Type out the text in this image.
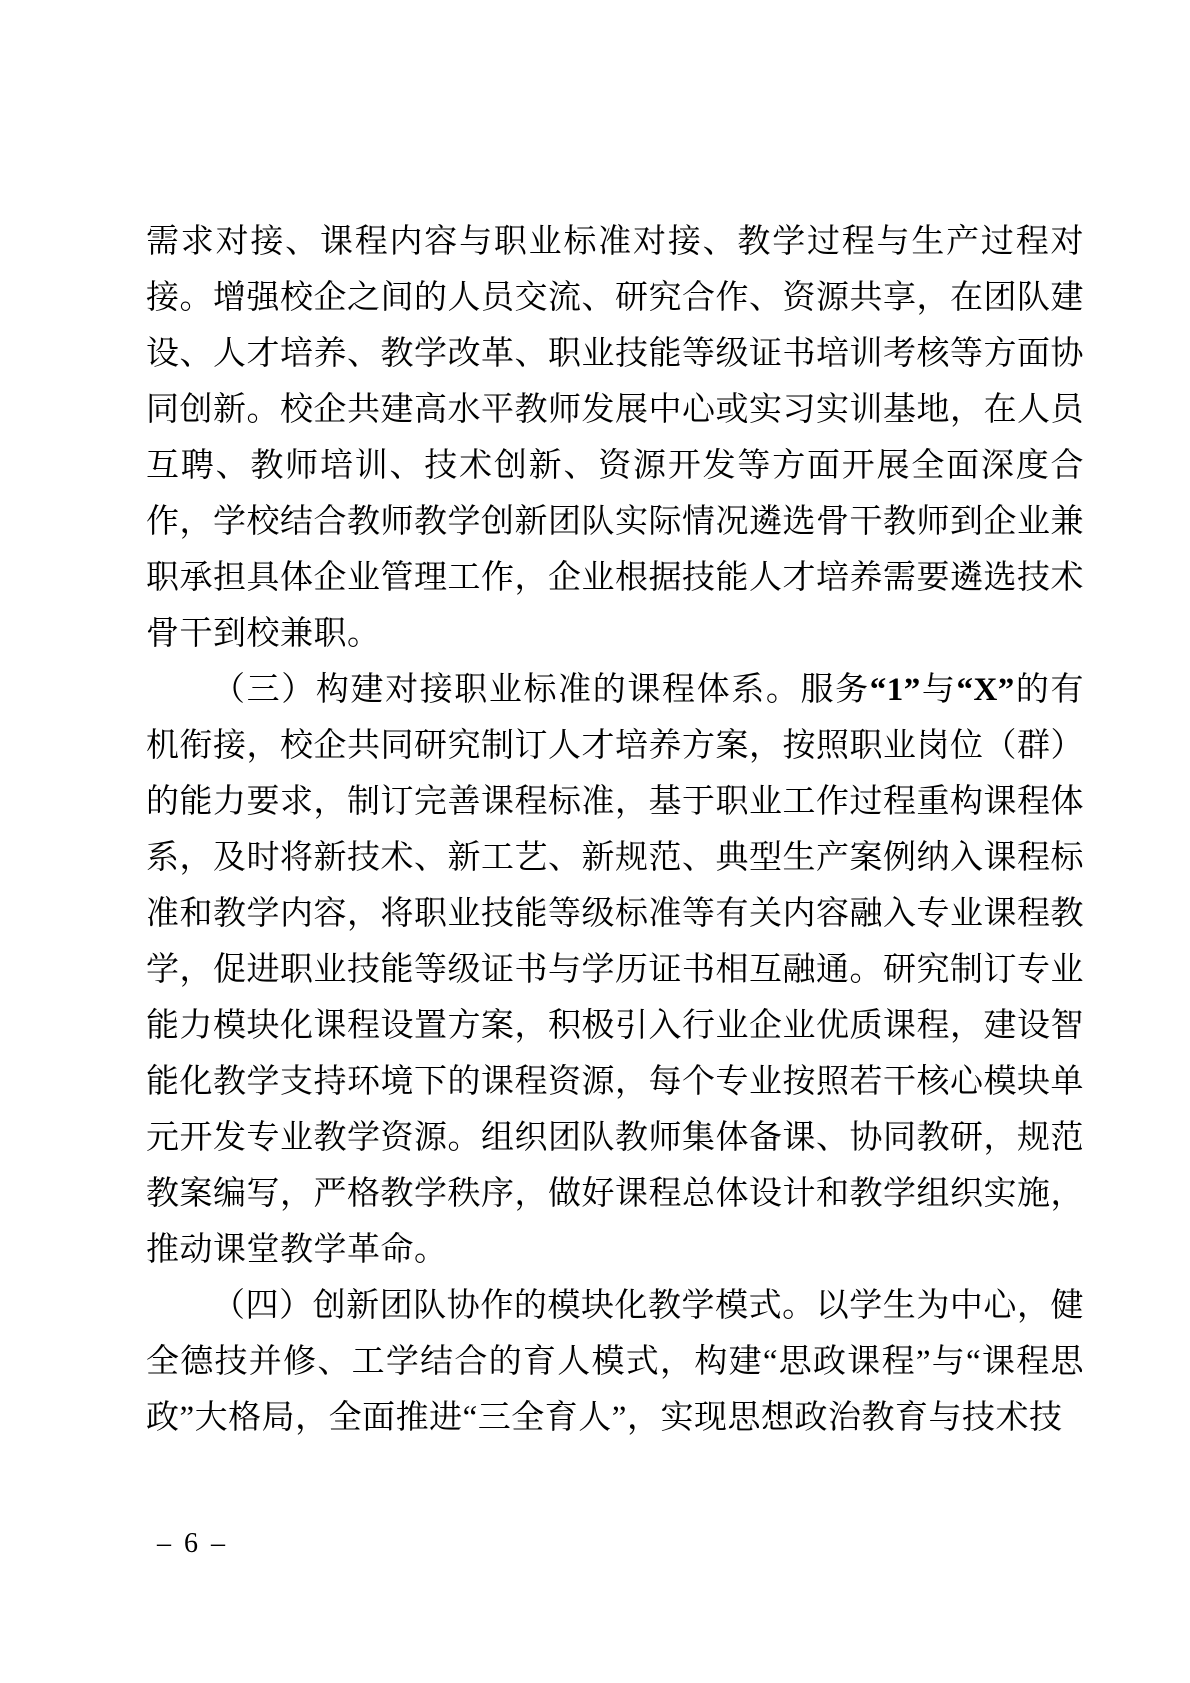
需求对接、课程内容与职业标准对接、教学过程与生产过程对接。增强校企之间的人员交流、研究合作、资源共享，在团队建设、人才培养、教学改革、职业技能等级证书培训考核等方面协同创新。校企共建高水平教师发展中心或实习实训基地，在人员互聘、教师培训、技术创新、资源开发等方面开展全面深度合作，学校结合教师教学创新团队实际情况遴选骨干教师到企业兼职承担具体企业管理工作，企业根据技能人才培养需要遴选技术骨干到校兼职。

（三）构建对接职业标准的课程体系。服务“1”与“X”的有机衔接，校企共同研究制订人才培养方案，按照职业岗位（群）的能力要求，制订完善课程标准，基于职业工作过程重构课程体系，及时将新技术、新工艺、新规范、典型生产案例纳入课程标准和教学内容，将职业技能等级标准等有关内容融入专业课程教学，促进职业技能等级证书与学历证书相互融通。研究制订专业能力模块化课程设置方案，积极引入行业企业优质课程，建设智能化教学支持环境下的课程资源，每个专业按照若干核心模块单元开发专业教学资源。组织团队教师集体备课、协同教研，规范教案编写，严格教学秩序，做好课程总体设计和教学组织实施，推动课堂教学革命。

（四）创新团队协作的模块化教学模式。以学生为中心，健全德技并修、工学结合的育人模式，构建“思政课程”与“课程思政”大格局，全面推进“三全育人”，实现思想政治教育与技术技

– 6 –
